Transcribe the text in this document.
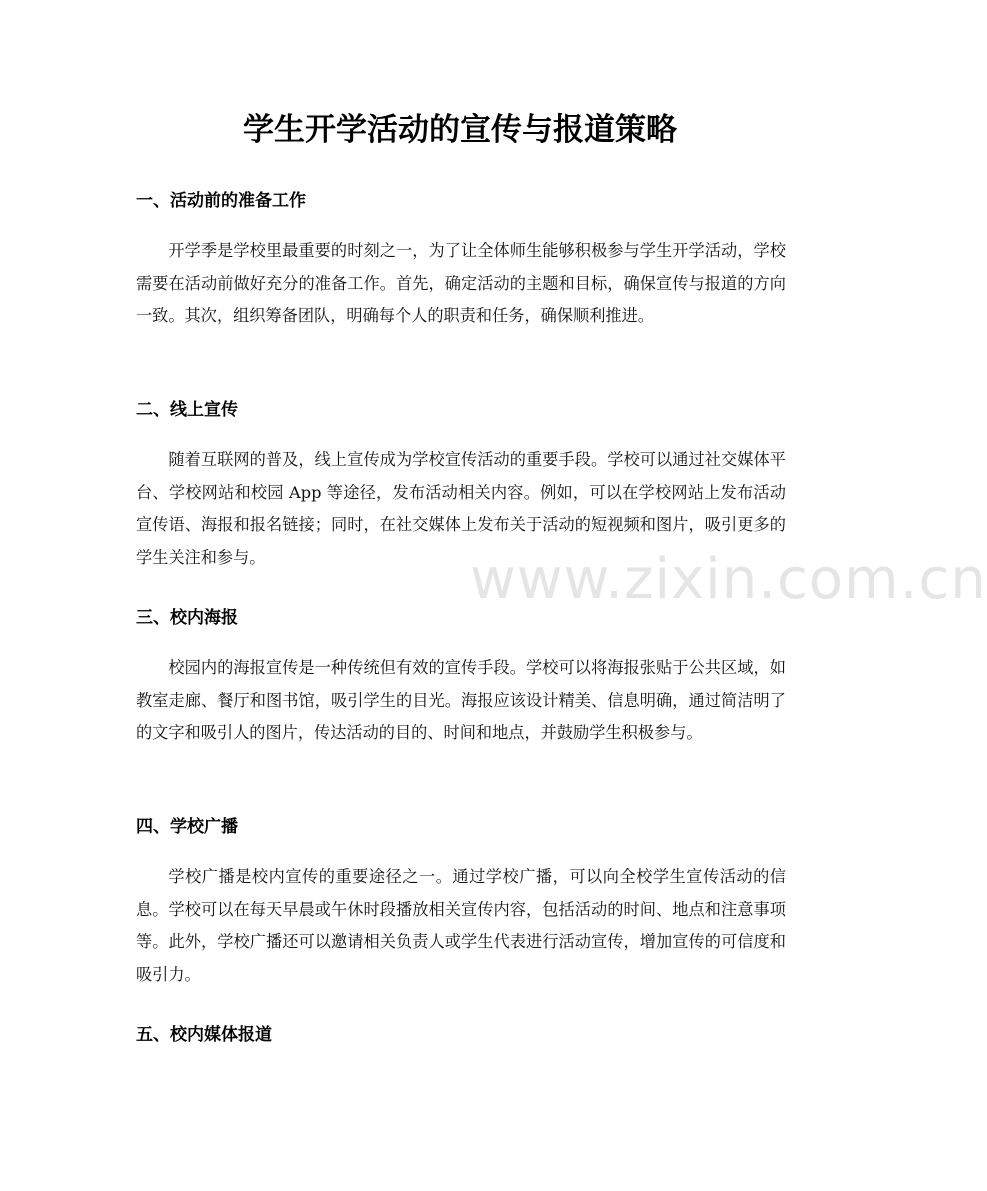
学生开学活动的宣传与报道策略
一、活动前的准备工作

开学季是学校里最重要的时刻之一，为了让全体师生能够积极参与学生开学活动，学校需要在活动前做好充分的准备工作。首先，确定活动的主题和目标，确保宣传与报道的方向一致。其次，组织筹备团队，明确每个人的职责和任务，确保顺利推进。

二、线上宣传

随着互联网的普及，线上宣传成为学校宣传活动的重要手段。学校可以通过社交媒体平台、学校网站和校园 App 等途径，发布活动相关内容。例如，可以在学校网站上发布活动宣传语、海报和报名链接；同时，在社交媒体上发布关于活动的短视频和图片，吸引更多的学生关注和参与。

三、校内海报

校园内的海报宣传是一种传统但有效的宣传手段。学校可以将海报张贴于公共区域，如教室走廊、餐厅和图书馆，吸引学生的目光。海报应该设计精美、信息明确，通过简洁明了的文字和吸引人的图片，传达活动的目的、时间和地点，并鼓励学生积极参与。

四、学校广播

学校广播是校内宣传的重要途径之一。通过学校广播，可以向全校学生宣传活动的信息。学校可以在每天早晨或午休时段播放相关宣传内容，包括活动的时间、地点和注意事项等。此外，学校广播还可以邀请相关负责人或学生代表进行活动宣传，增加宣传的可信度和吸引力。

五、校内媒体报道
www.zixin.com.cn
